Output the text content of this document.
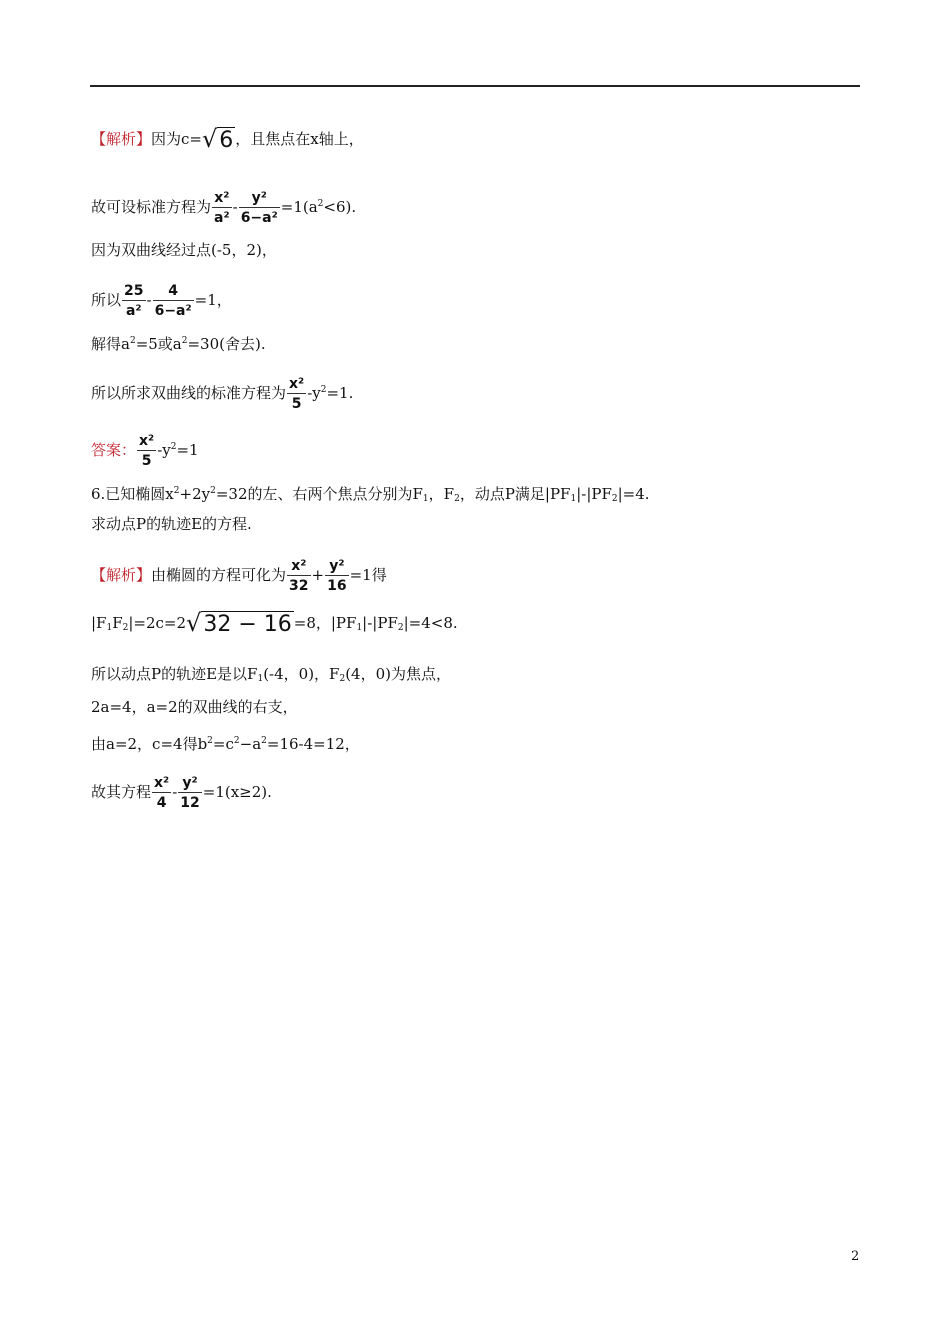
【解析】因为c=√6 ，且焦点在x轴上，
故可设标准方程为 $\frac{\text{x²}}{\text{a²}} - \frac{\text{y²}}{\text{6−a²}} =1(a^2<6)$.
因为双曲线经过点(-5，2)，
所以 $\frac{25}{\text{a²}} - \frac{4}{\text{6−a²}} =1$，
解得$a^2=5$或$a^2=30$(舍去).
所以所求双曲线的标准方程为 $\frac{\text{x²}}{5} -y^2=1$.
答案： $\frac{\text{x²}}{5} -y^2=1$
6.已知椭圆$x^2+2y^2=32$的左、右两个焦点分别为$F_1$，$F_2$，动点P满足$|PF_1|-|PF_2|=4$.
求动点P的轨迹E的方程.
【解析】由椭圆的方程可化为 $\frac{\text{x²}}{32} + \frac{\text{y²}}{16} =1$得
$|F_1F_2|=2c=2√32 - 16 =8$，$|PF_1|-|PF_2|=4<8$.
所以动点P的轨迹E是以$F_1(-4$，0)，$F_2(4$，0)为焦点，
2a=4，a=2的双曲线的右支，
由a=2，c=4得$b^2=c^2-a^2=16-4=12$，
故其方程 $\frac{\text{x²}}{4} - \frac{\text{y²}}{12} =1(x\ge 2)$.
2
